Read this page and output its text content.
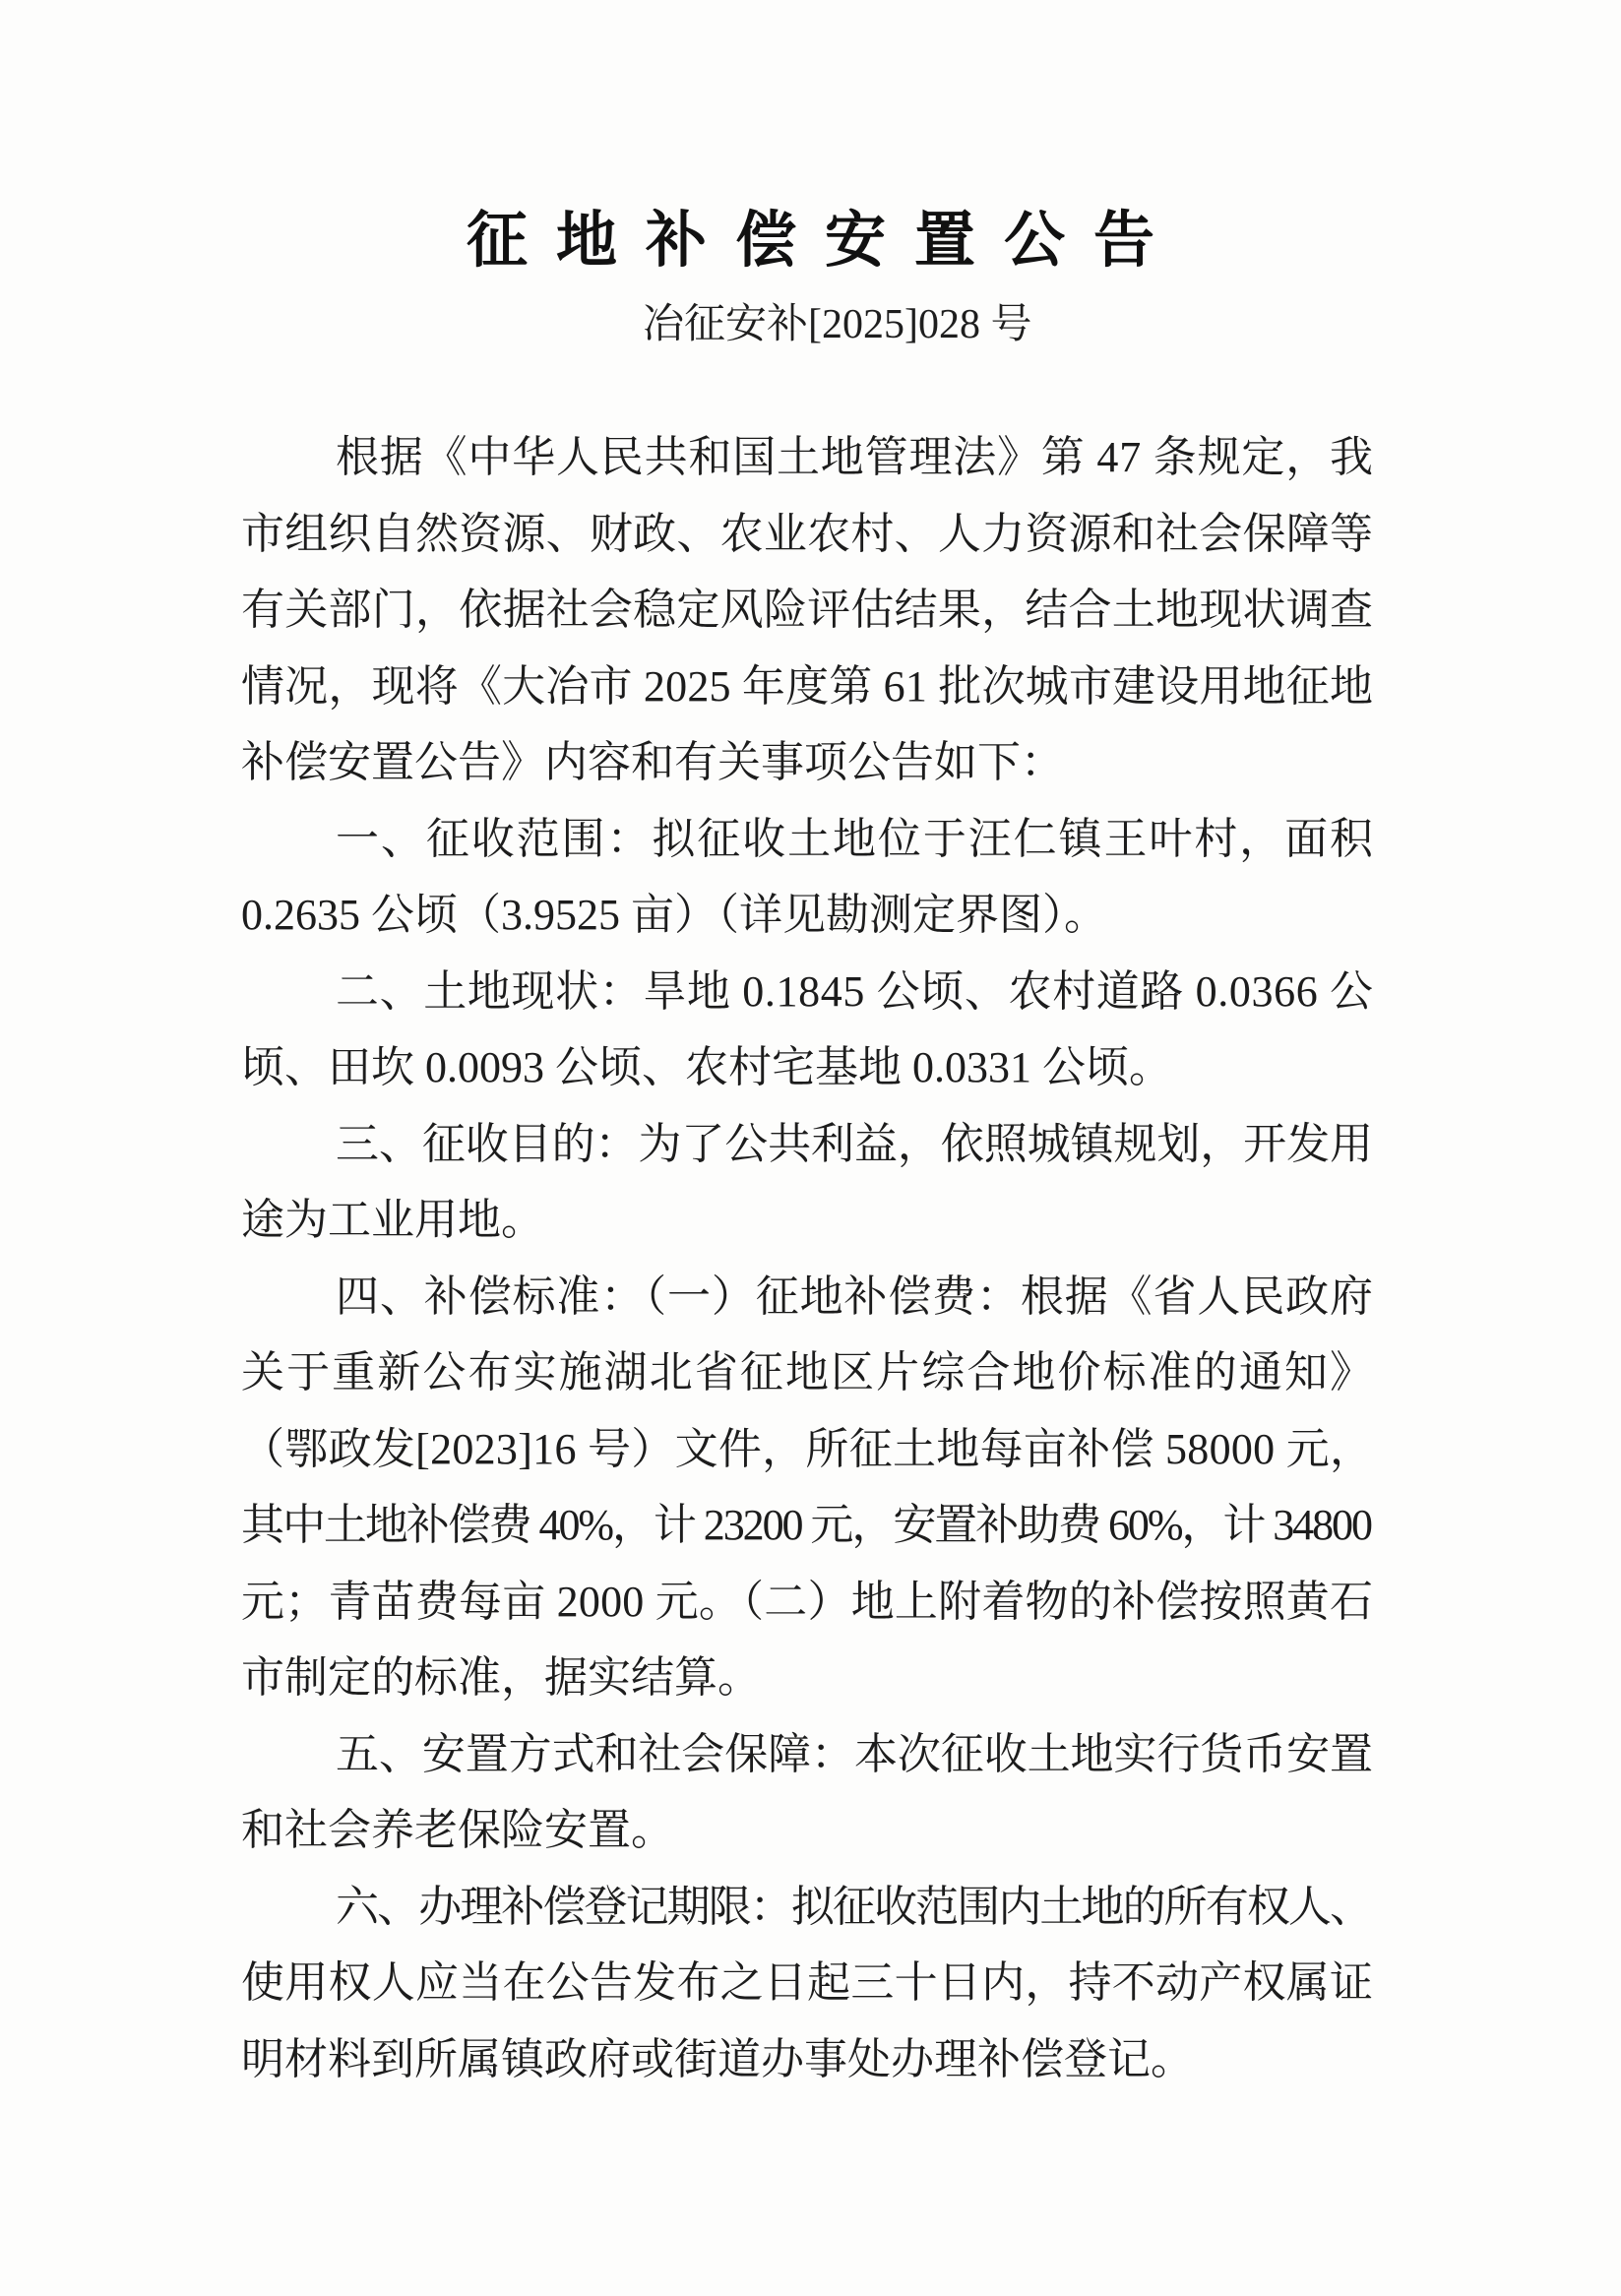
征地补偿安置公告
冶征安补[2025]028 号
根据《中华人民共和国土地管理法》第 47 条规定，我
市组织自然资源、财政、农业农村、人力资源和社会保障等
有关部门，依据社会稳定风险评估结果，结合土地现状调查
情况，现将《大冶市 2025 年度第 61 批次城市建设用地征地
补偿安置公告》内容和有关事项公告如下：
一、征收范围：拟征收土地位于汪仁镇王叶村，面积
0.2635 公顷（3.9525 亩）（详见勘测定界图）。
二、土地现状：旱地 0.1845 公顷、农村道路 0.0366 公
顷、田坎 0.0093 公顷、农村宅基地 0.0331 公顷。
三、征收目的：为了公共利益，依照城镇规划，开发用
途为工业用地。
四、补偿标准：（一）征地补偿费：根据《省人民政府
关于重新公布实施湖北省征地区片综合地价标准的通知》
（鄂政发[2023]16 号）文件，所征土地每亩补偿 58000 元，
其中土地补偿费 40%，计 23200 元，安置补助费 60%，计 34800
元；青苗费每亩 2000 元。（二）地上附着物的补偿按照黄石
市制定的标准，据实结算。
五、安置方式和社会保障：本次征收土地实行货币安置
和社会养老保险安置。
六、办理补偿登记期限：拟征收范围内土地的所有权人、
使用权人应当在公告发布之日起三十日内，持不动产权属证
明材料到所属镇政府或街道办事处办理补偿登记。
